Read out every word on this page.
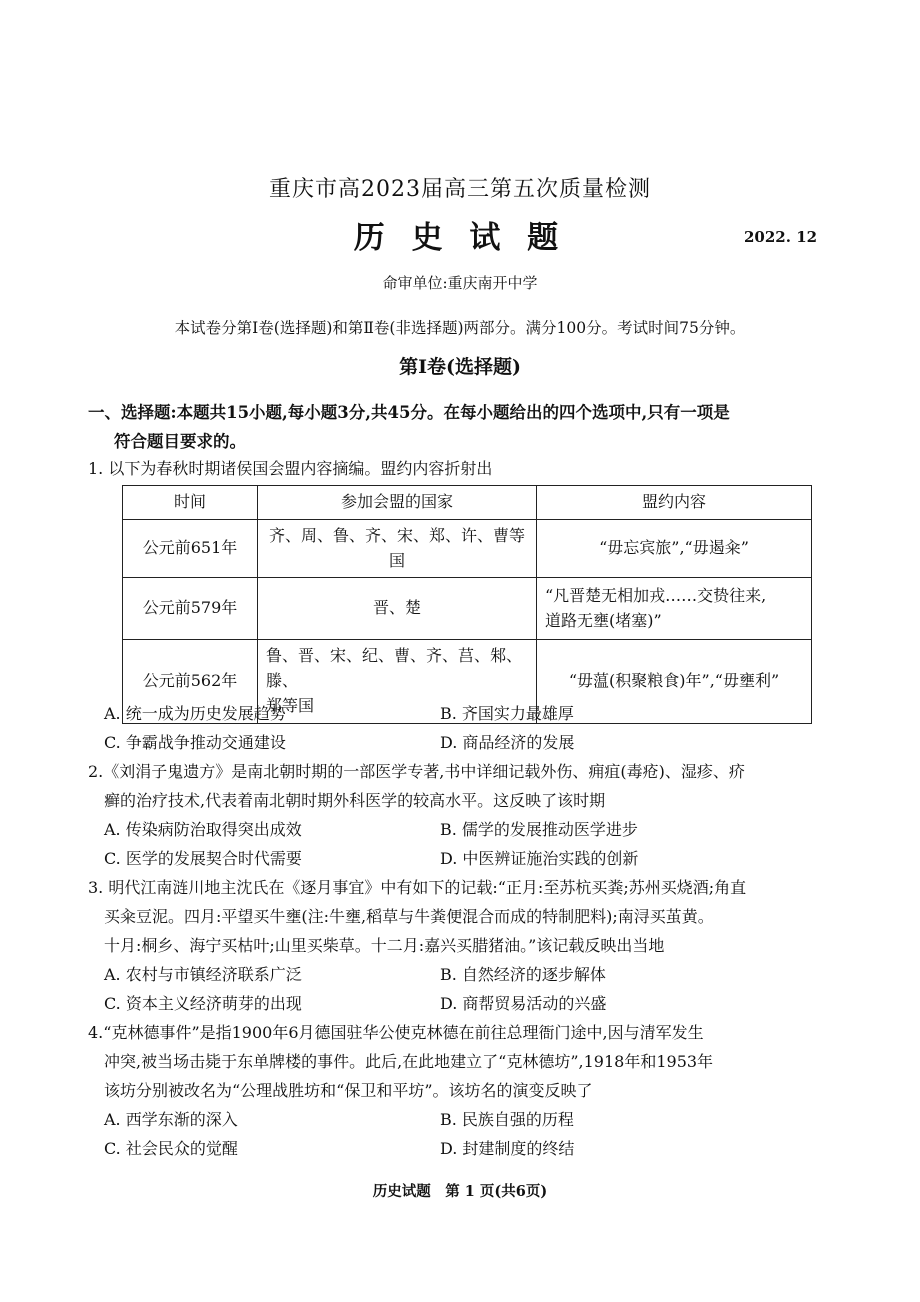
重庆市高2023届高三第五次质量检测
历 史 试 题	2022. 12
命审单位:重庆南开中学
本试卷分第Ⅰ卷(选择题)和第Ⅱ卷(非选择题)两部分。满分100分。考试时间75分钟。
第Ⅰ卷(选择题)
一、选择题:本题共15小题,每小题3分,共45分。在每小题给出的四个选项中,只有一项是
符合题目要求的。
1. 以下为春秋时期诸侯国会盟内容摘编。盟约内容折射出
时间	参加会盟的国家	盟约内容
公元前651年	齐、周、鲁、齐、宋、郑、许、曹等国	“毋忘宾旅”,“毋遏籴”
公元前579年	晋、楚	“凡晋楚无相加戎……交贽往来,
道路无壅(堵塞)”

公元前562年	鲁、晋、宋、纪、曹、齐、莒、邾、滕、
郑等国	“毋蕰(积聚粮食)年”,“毋壅利”
A. 统一成为历史发展趋势	B. 齐国实力最雄厚
C. 争霸战争推动交通建设	D. 商品经济的发展
2.《刘涓子鬼遗方》是南北朝时期的一部医学专著,书中详细记载外伤、痈疽(毒疮)、湿疹、疥
癣的治疗技术,代表着南北朝时期外科医学的较高水平。这反映了该时期
A. 传染病防治取得突出成效	B. 儒学的发展推动医学进步
C. 医学的发展契合时代需要	D. 中医辨证施治实践的创新
3. 明代江南涟川地主沈氏在《逐月事宜》中有如下的记载:“正月:至苏杭买粪;苏州买烧酒;角直
买籴豆泥。四月:平望买牛壅(注:牛壅,稻草与牛粪便混合而成的特制肥料);南浔买茧黄。
十月:桐乡、海宁买枯叶;山里买柴草。十二月:嘉兴买腊猪油。”该记载反映出当地
A. 农村与市镇经济联系广泛	B. 自然经济的逐步解体
C. 资本主义经济萌芽的出现	D. 商帮贸易活动的兴盛
4.“克林德事件”是指1900年6月德国驻华公使克林德在前往总理衙门途中,因与清军发生
冲突,被当场击毙于东单牌楼的事件。此后,在此地建立了“克林德坊”,1918年和1953年
该坊分别被改名为“公理战胜坊和“保卫和平坊”。该坊名的演变反映了
A. 西学东渐的深入	B. 民族自强的历程
C. 社会民众的觉醒	D. 封建制度的终结
历史试题　第 1 页(共6页)
